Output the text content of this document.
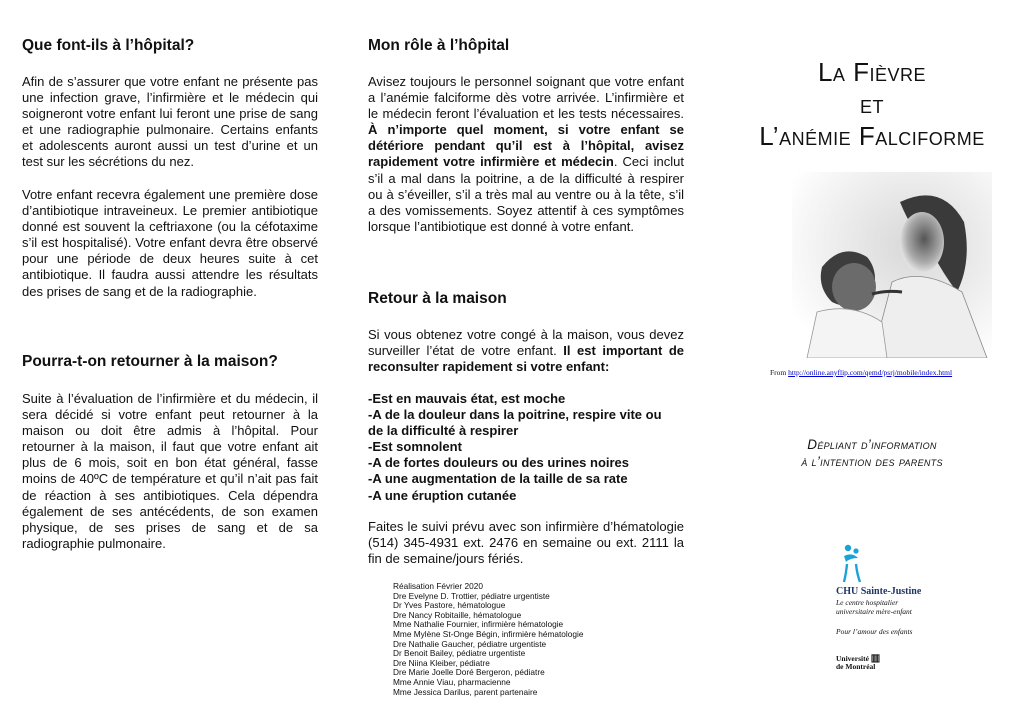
Que font-ils à l’hôpital?

Afin de s’assurer que votre enfant ne présente pas une infection grave, l’infirmière et le médecin qui soigneront votre enfant lui feront une prise de sang et une radiographie pulmonaire. Certains enfants et adolescents auront aussi un test d’urine et un test sur les sécrétions du nez.

Votre enfant recevra également une première dose d’antibiotique intraveineux. Le premier antibiotique donné est souvent la ceftriaxone (ou la céfotaxime s’il est hospitalisé). Votre enfant devra être observé pour une période de deux heures suite à cet antibiotique. Il faudra aussi attendre les résultats des prises de sang et de la radiographie.

Pourra-t-on retourner à la maison?

Suite à l’évaluation de l’infirmière et du médecin, il sera décidé si votre enfant peut retourner à la maison ou doit être admis à l’hôpital. Pour retourner à la maison, il faut que votre enfant ait plus de 6 mois, soit en bon état général, fasse moins de 40ºC de température et qu’il n’ait pas fait de réaction à ses antibiotiques. Cela dépendra également de ses antécédents, de son examen physique, de ses prises de sang et de sa radiographie pulmonaire.

Mon rôle à l’hôpital

Avisez toujours le personnel soignant que votre enfant a l’anémie falciforme dès votre arrivée. L’infirmière et le médecin feront l’évaluation et les tests nécessaires. À n’importe quel moment, si votre enfant se détériore pendant qu’il est à l’hôpital, avisez rapidement votre infirmière et médecin. Ceci inclut s’il a mal dans la poitrine, a de la difficulté à respirer ou à s’éveiller, s’il a très mal au ventre ou à la tête, s’il a des vomissements. Soyez attentif à ces symptômes lorsque l’antibiotique est donné à votre enfant.

Retour à la maison

Si vous obtenez votre congé à la maison, vous devez surveiller l’état de votre enfant. Il est important de reconsulter rapidement si votre enfant:

-Est en mauvais état, est moche
-A de la douleur dans la poitrine, respire vite ou
de la difficulté à respirer
-Est somnolent
-A de fortes douleurs ou des urines noires
-A une augmentation de la taille de sa rate
-A une éruption cutanée

Faites le suivi prévu avec son infirmière d’hématologie (514) 345-4931 ext. 2476 en semaine ou ext. 2111 la fin de semaine/jours fériés.

Réalisation Février 2020
Dre Evelyne D. Trottier, pédiatre urgentiste
Dr Yves Pastore, hématologue
Dre Nancy Robitaille, hématologue
Mme Nathalie Fournier, infirmière hématologie
Mme Mylène St-Onge Bégin, infirmière hématologie
Dre Nathalie Gaucher, pédiatre urgentiste
Dr Benoit Bailey, pédiatre urgentiste
Dre Niina Kleiber, pédiatre
Dre Marie Joelle Doré Bergeron, pédiatre
Mme Annie Viau, pharmacienne
Mme Jessica Darilus, parent partenaire
La Fièvre
et
L’anémie Falciforme
From http://online.anyflip.com/qemd/psrj/mobile/index.html
Dépliant d’information
à l’intention des parents
CHU Sainte-Justine
Le centre hospitalier
universitaire mère-enfant
Pour l’amour des enfants
Université ▥
de Montréal
